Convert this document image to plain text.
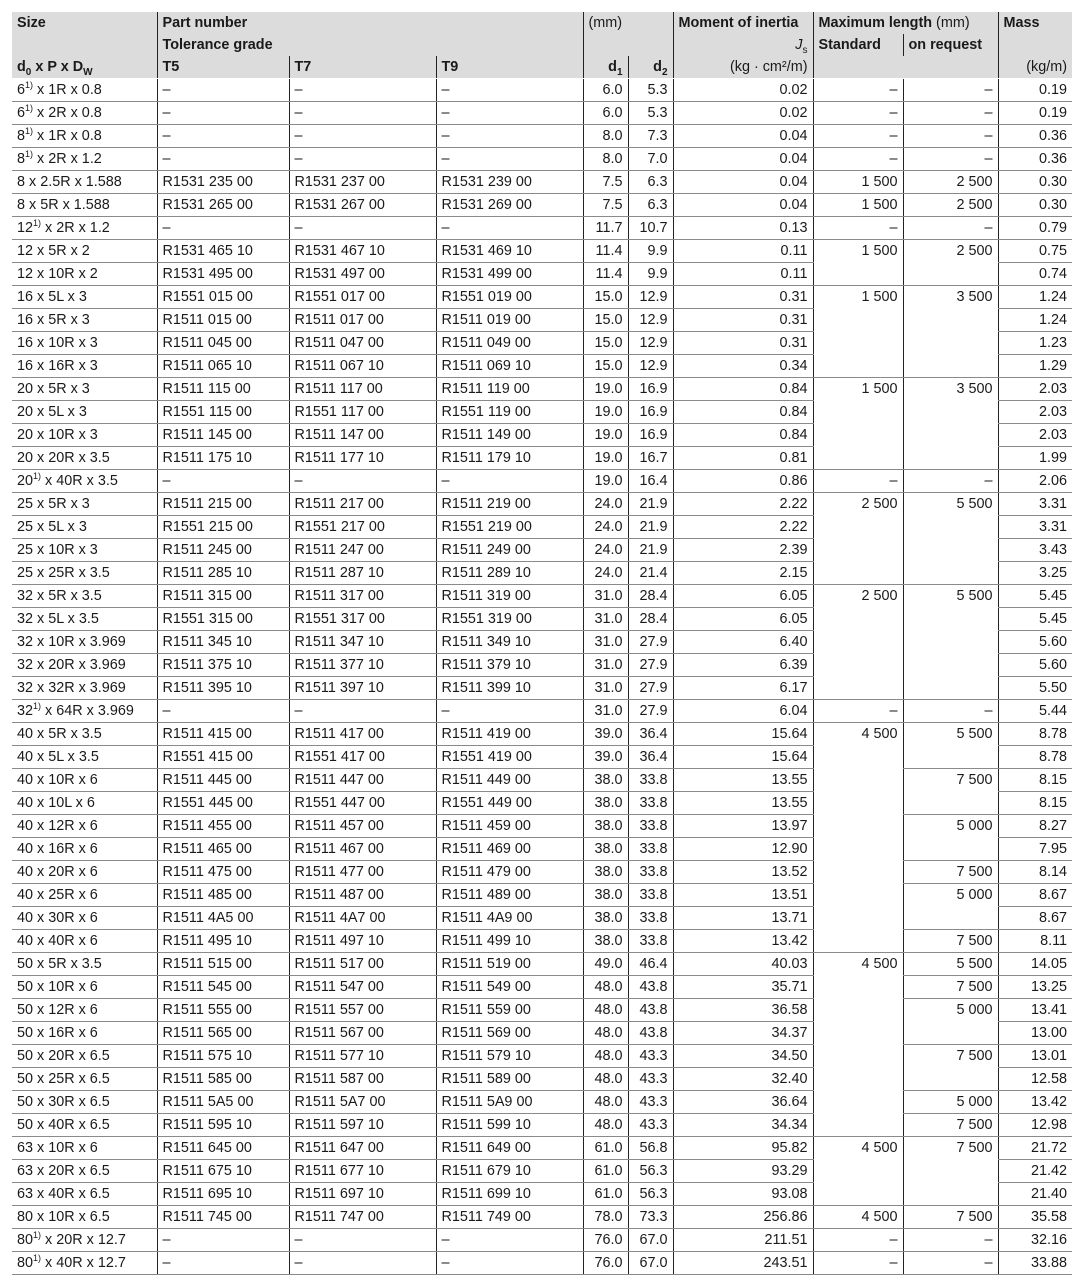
Size	Part number			(mm)		Moment of inertia	Maximum length (mm)		Mass
	Tolerance grade					$J_s$	Standard	on request	
$d_0$ x P x $D_W$	T5	T7	T9	$d_1$	$d_2$	(kg · cm²/m)			(kg/m)
6$^{1)}$ x 1R x 0.8	–	–	–	6.0	5.3	0.02	–	–	0.19
6$^{1)}$ x 2R x 0.8	–	–	–	6.0	5.3	0.02	–	–	0.19
8$^{1)}$ x 1R x 0.8	–	–	–	8.0	7.3	0.04	–	–	0.36
8$^{1)}$ x 2R x 1.2	–	–	–	8.0	7.0	0.04	–	–	0.36
8 x 2.5R x 1.588	R1531 235 00	R1531 237 00	R1531 239 00	7.5	6.3	0.04	1 500	2 500	0.30
8 x 5R x 1.588	R1531 265 00	R1531 267 00	R1531 269 00	7.5	6.3	0.04	1 500	2 500	0.30
12$^{1)}$ x 2R x 1.2	–	–	–	11.7	10.7	0.13	–	–	0.79
12 x 5R x 2	R1531 465 10	R1531 467 10	R1531 469 10	11.4	9.9	0.11	1 500	2 500	0.75
12 x 10R x 2	R1531 495 00	R1531 497 00	R1531 499 00	11.4	9.9	0.11			0.74
16 x 5L x 3	R1551 015 00	R1551 017 00	R1551 019 00	15.0	12.9	0.31	1 500	3 500	1.24
16 x 5R x 3	R1511 015 00	R1511 017 00	R1511 019 00	15.0	12.9	0.31			1.24
16 x 10R x 3	R1511 045 00	R1511 047 00	R1511 049 00	15.0	12.9	0.31			1.23
16 x 16R x 3	R1511 065 10	R1511 067 10	R1511 069 10	15.0	12.9	0.34			1.29
20 x 5R x 3	R1511 115 00	R1511 117 00	R1511 119 00	19.0	16.9	0.84	1 500	3 500	2.03
20 x 5L x 3	R1551 115 00	R1551 117 00	R1551 119 00	19.0	16.9	0.84			2.03
20 x 10R x 3	R1511 145 00	R1511 147 00	R1511 149 00	19.0	16.9	0.84			2.03
20 x 20R x 3.5	R1511 175 10	R1511 177 10	R1511 179 10	19.0	16.7	0.81			1.99
20$^{1)}$ x 40R x 3.5	–	–	–	19.0	16.4	0.86	–	–	2.06
25 x 5R x 3	R1511 215 00	R1511 217 00	R1511 219 00	24.0	21.9	2.22	2 500	5 500	3.31
25 x 5L x 3	R1551 215 00	R1551 217 00	R1551 219 00	24.0	21.9	2.22			3.31
25 x 10R x 3	R1511 245 00	R1511 247 00	R1511 249 00	24.0	21.9	2.39			3.43
25 x 25R x 3.5	R1511 285 10	R1511 287 10	R1511 289 10	24.0	21.4	2.15			3.25
32 x 5R x 3.5	R1511 315 00	R1511 317 00	R1511 319 00	31.0	28.4	6.05	2 500	5 500	5.45
32 x 5L x 3.5	R1551 315 00	R1551 317 00	R1551 319 00	31.0	28.4	6.05			5.45
32 x 10R x 3.969	R1511 345 10	R1511 347 10	R1511 349 10	31.0	27.9	6.40			5.60
32 x 20R x 3.969	R1511 375 10	R1511 377 10	R1511 379 10	31.0	27.9	6.39			5.60
32 x 32R x 3.969	R1511 395 10	R1511 397 10	R1511 399 10	31.0	27.9	6.17			5.50
32$^{1)}$ x 64R x 3.969	–	–	–	31.0	27.9	6.04	–	–	5.44
40 x 5R x 3.5	R1511 415 00	R1511 417 00	R1511 419 00	39.0	36.4	15.64	4 500	5 500	8.78
40 x 5L x 3.5	R1551 415 00	R1551 417 00	R1551 419 00	39.0	36.4	15.64			8.78
40 x 10R x 6	R1511 445 00	R1511 447 00	R1511 449 00	38.0	33.8	13.55		7 500	8.15
40 x 10L x 6	R1551 445 00	R1551 447 00	R1551 449 00	38.0	33.8	13.55			8.15
40 x 12R x 6	R1511 455 00	R1511 457 00	R1511 459 00	38.0	33.8	13.97		5 000	8.27
40 x 16R x 6	R1511 465 00	R1511 467 00	R1511 469 00	38.0	33.8	12.90			7.95
40 x 20R x 6	R1511 475 00	R1511 477 00	R1511 479 00	38.0	33.8	13.52		7 500	8.14
40 x 25R x 6	R1511 485 00	R1511 487 00	R1511 489 00	38.0	33.8	13.51		5 000	8.67
40 x 30R x 6	R1511 4A5 00	R1511 4A7 00	R1511 4A9 00	38.0	33.8	13.71			8.67
40 x 40R x 6	R1511 495 10	R1511 497 10	R1511 499 10	38.0	33.8	13.42		7 500	8.11
50 x 5R x 3.5	R1511 515 00	R1511 517 00	R1511 519 00	49.0	46.4	40.03	4 500	5 500	14.05
50 x 10R x 6	R1511 545 00	R1511 547 00	R1511 549 00	48.0	43.8	35.71		7 500	13.25
50 x 12R x 6	R1511 555 00	R1511 557 00	R1511 559 00	48.0	43.8	36.58		5 000	13.41
50 x 16R x 6	R1511 565 00	R1511 567 00	R1511 569 00	48.0	43.8	34.37			13.00
50 x 20R x 6.5	R1511 575 10	R1511 577 10	R1511 579 10	48.0	43.3	34.50		7 500	13.01
50 x 25R x 6.5	R1511 585 00	R1511 587 00	R1511 589 00	48.0	43.3	32.40			12.58
50 x 30R x 6.5	R1511 5A5 00	R1511 5A7 00	R1511 5A9 00	48.0	43.3	36.64		5 000	13.42
50 x 40R x 6.5	R1511 595 10	R1511 597 10	R1511 599 10	48.0	43.3	34.34		7 500	12.98
63 x 10R x 6	R1511 645 00	R1511 647 00	R1511 649 00	61.0	56.8	95.82	4 500	7 500	21.72
63 x 20R x 6.5	R1511 675 10	R1511 677 10	R1511 679 10	61.0	56.3	93.29			21.42
63 x 40R x 6.5	R1511 695 10	R1511 697 10	R1511 699 10	61.0	56.3	93.08			21.40
80 x 10R x 6.5	R1511 745 00	R1511 747 00	R1511 749 00	78.0	73.3	256.86	4 500	7 500	35.58
80$^{1)}$ x 20R x 12.7	–	–	–	76.0	67.0	211.51	–	–	32.16
80$^{1)}$ x 40R x 12.7	–	–	–	76.0	67.0	243.51	–	–	33.88
